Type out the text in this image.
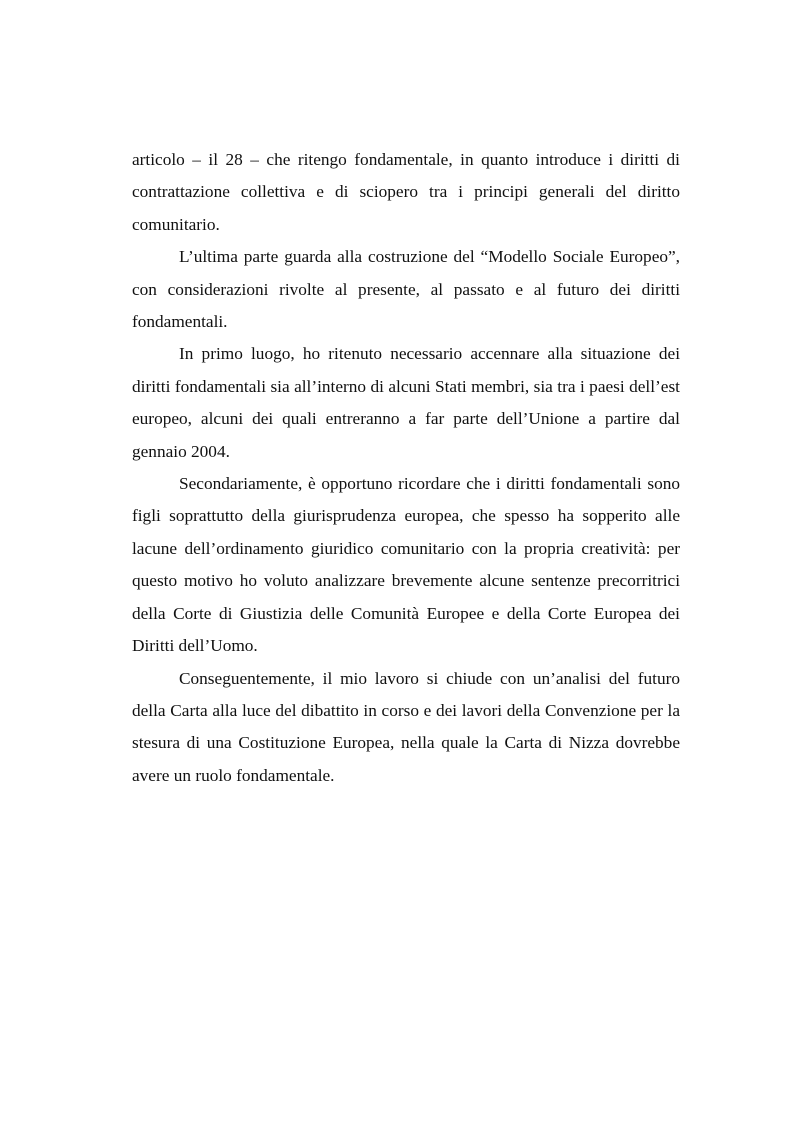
articolo – il 28 – che ritengo fondamentale, in quanto introduce i diritti di contrattazione collettiva e di sciopero tra i principi generali del diritto comunitario.

L’ultima parte guarda alla costruzione del “Modello Sociale Europeo”, con considerazioni rivolte al presente, al passato e al futuro dei diritti fondamentali.

In primo luogo, ho ritenuto necessario accennare alla situazione dei diritti fondamentali sia all’interno di alcuni Stati membri, sia tra i paesi dell’est europeo, alcuni dei quali entreranno a far parte dell’Unione a partire dal gennaio 2004.

Secondariamente, è opportuno ricordare che i diritti fondamentali sono figli soprattutto della giurisprudenza europea, che spesso ha sopperito alle lacune dell’ordinamento giuridico comunitario con la propria creatività: per questo motivo ho voluto analizzare brevemente alcune sentenze precorritrici della Corte di Giustizia delle Comunità Europee e della Corte Europea dei Diritti dell’Uomo.

Conseguentemente, il mio lavoro si chiude con un’analisi del futuro della Carta alla luce del dibattito in corso e dei lavori della Convenzione per la stesura di una Costituzione Europea, nella quale la Carta di Nizza dovrebbe avere un ruolo fondamentale.
